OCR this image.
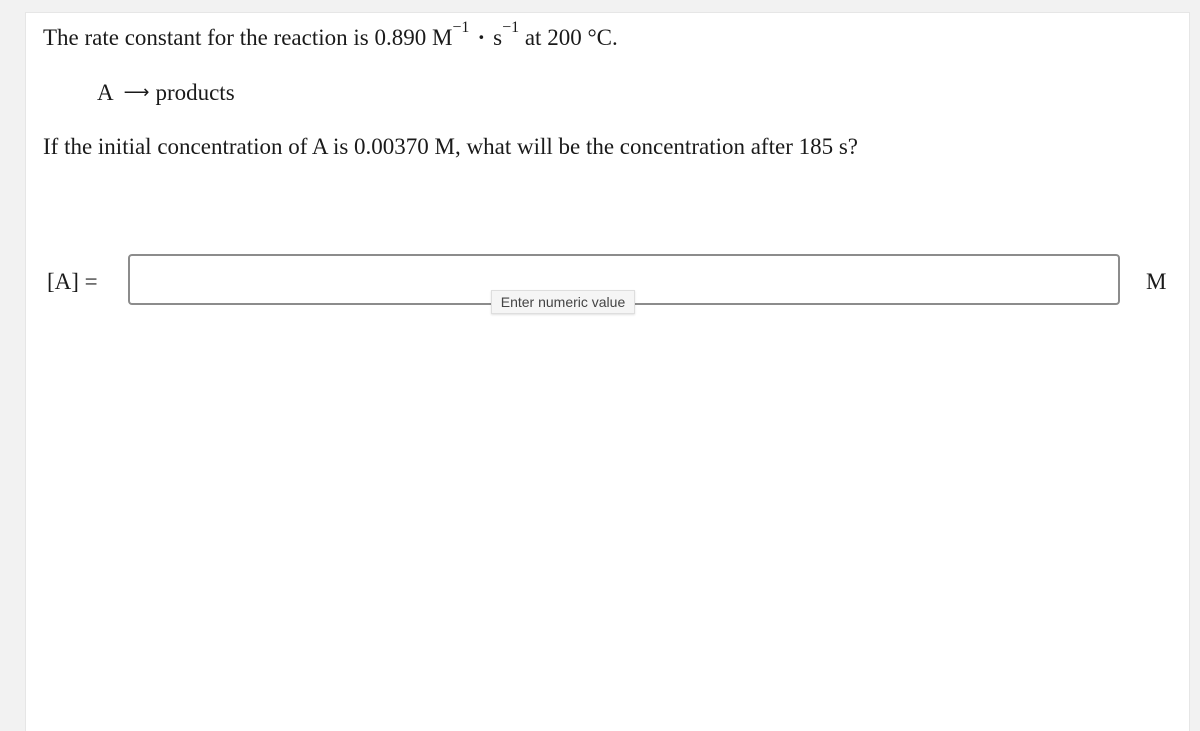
The rate constant for the reaction is 0.890 $M^{-1} \cdot s^{-1}$ at 200 °C.
A ⟶ products
If the initial concentration of A is 0.00370 M, what will be the concentration after 185 s?
[A] =
Enter numeric value
M
